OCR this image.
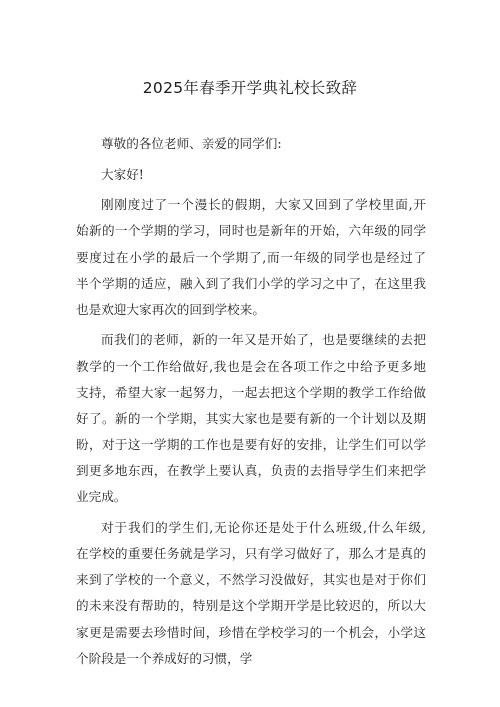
2025年春季开学典礼校长致辞
尊敬的各位老师、亲爱的同学们:
大家好!
刚刚度过了一个漫长的假期，大家又回到了学校里面,开
始新的一个学期的学习，同时也是新年的开始，六年级的同学
要度过在小学的最后一个学期了,而一年级的同学也是经过了
半个学期的适应，融入到了我们小学的学习之中了，在这里我
也是欢迎大家再次的回到学校来。
而我们的老师，新的一年又是开始了，也是要继续的去把
教学的一个工作给做好,我也是会在各项工作之中给予更多地
支持，希望大家一起努力，一起去把这个学期的教学工作给做
好了。新的一个学期，其实大家也是要有新的一个计划以及期
盼，对于这一学期的工作也是要有好的安排，让学生们可以学
到更多地东西，在教学上要认真，负责的去指导学生们来把学
业完成。
对于我们的学生们,无论你还是处于什么班级,什么年级,
在学校的重要任务就是学习，只有学习做好了，那么才是真的
来到了学校的一个意义，不然学习没做好，其实也是对于你们
的未来没有帮助的，特别是这个学期开学是比较迟的，所以大
家更是需要去珍惜时间，珍惜在学校学习的一个机会，小学这
个阶段是一个养成好的习惯，学
